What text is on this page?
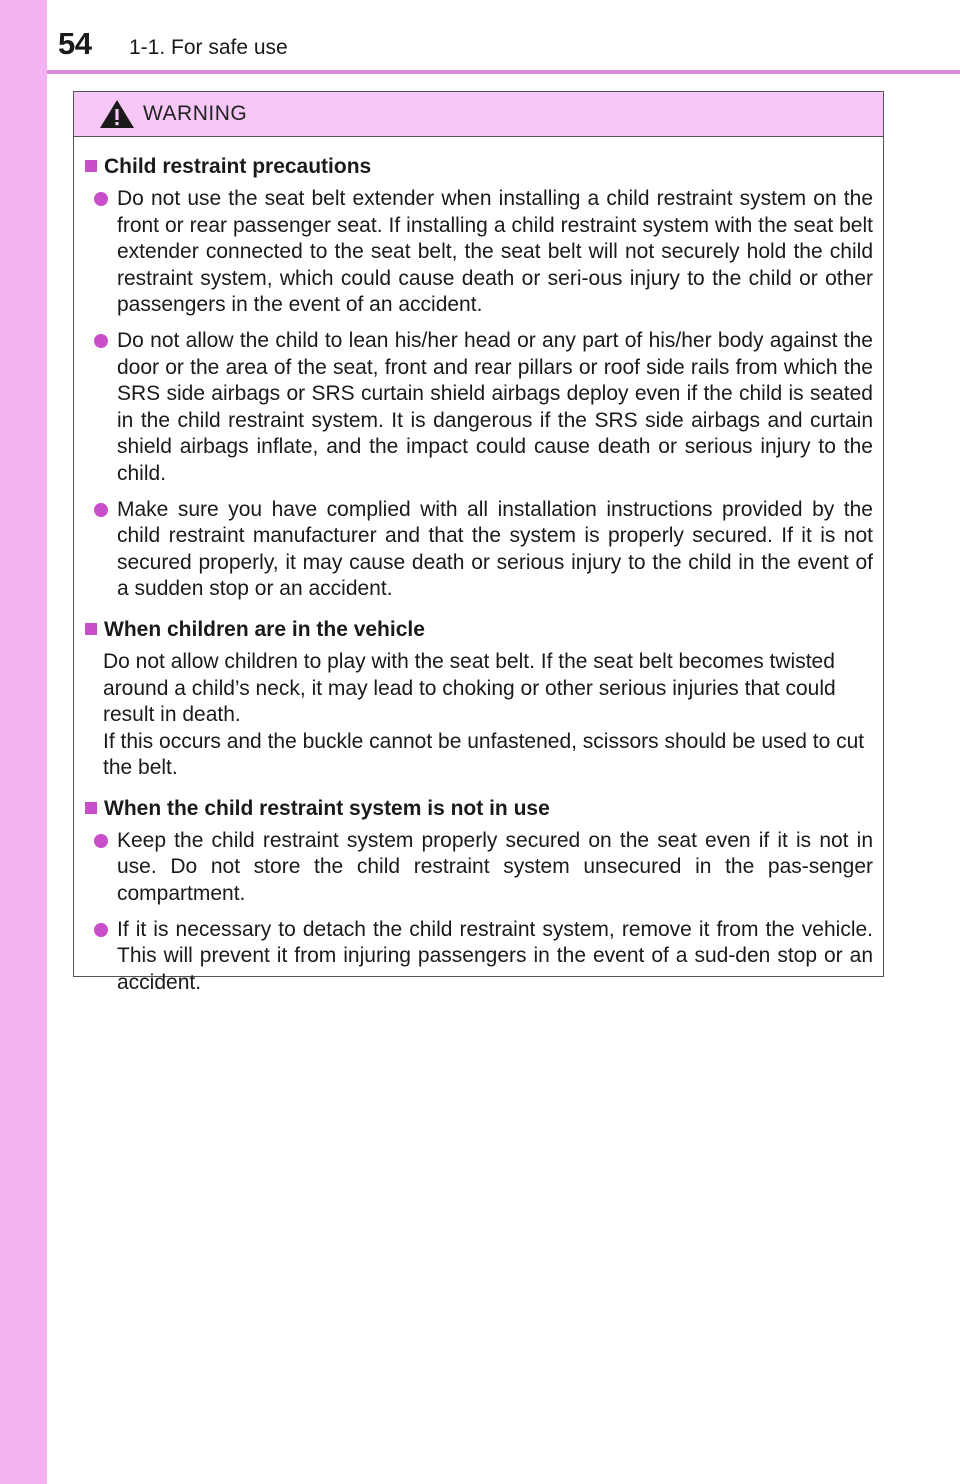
54 1-1. For safe use
WARNING
Child restraint precautions
Do not use the seat belt extender when installing a child restraint system on the front or rear passenger seat. If installing a child restraint system with the seat belt extender connected to the seat belt, the seat belt will not securely hold the child restraint system, which could cause death or seri-ous injury to the child or other passengers in the event of an accident.
Do not allow the child to lean his/her head or any part of his/her body against the door or the area of the seat, front and rear pillars or roof side rails from which the SRS side airbags or SRS curtain shield airbags deploy even if the child is seated in the child restraint system. It is dangerous if the SRS side airbags and curtain shield airbags inflate, and the impact could cause death or serious injury to the child.
Make sure you have complied with all installation instructions provided by the child restraint manufacturer and that the system is properly secured. If it is not secured properly, it may cause death or serious injury to the child in the event of a sudden stop or an accident.
When children are in the vehicle
Do not allow children to play with the seat belt. If the seat belt becomes twisted around a child’s neck, it may lead to choking or other serious injuries that could result in death.
If this occurs and the buckle cannot be unfastened, scissors should be used to cut the belt.
When the child restraint system is not in use
Keep the child restraint system properly secured on the seat even if it is not in use. Do not store the child restraint system unsecured in the pas-senger compartment.
If it is necessary to detach the child restraint system, remove it from the vehicle. This will prevent it from injuring passengers in the event of a sud-den stop or an accident.
